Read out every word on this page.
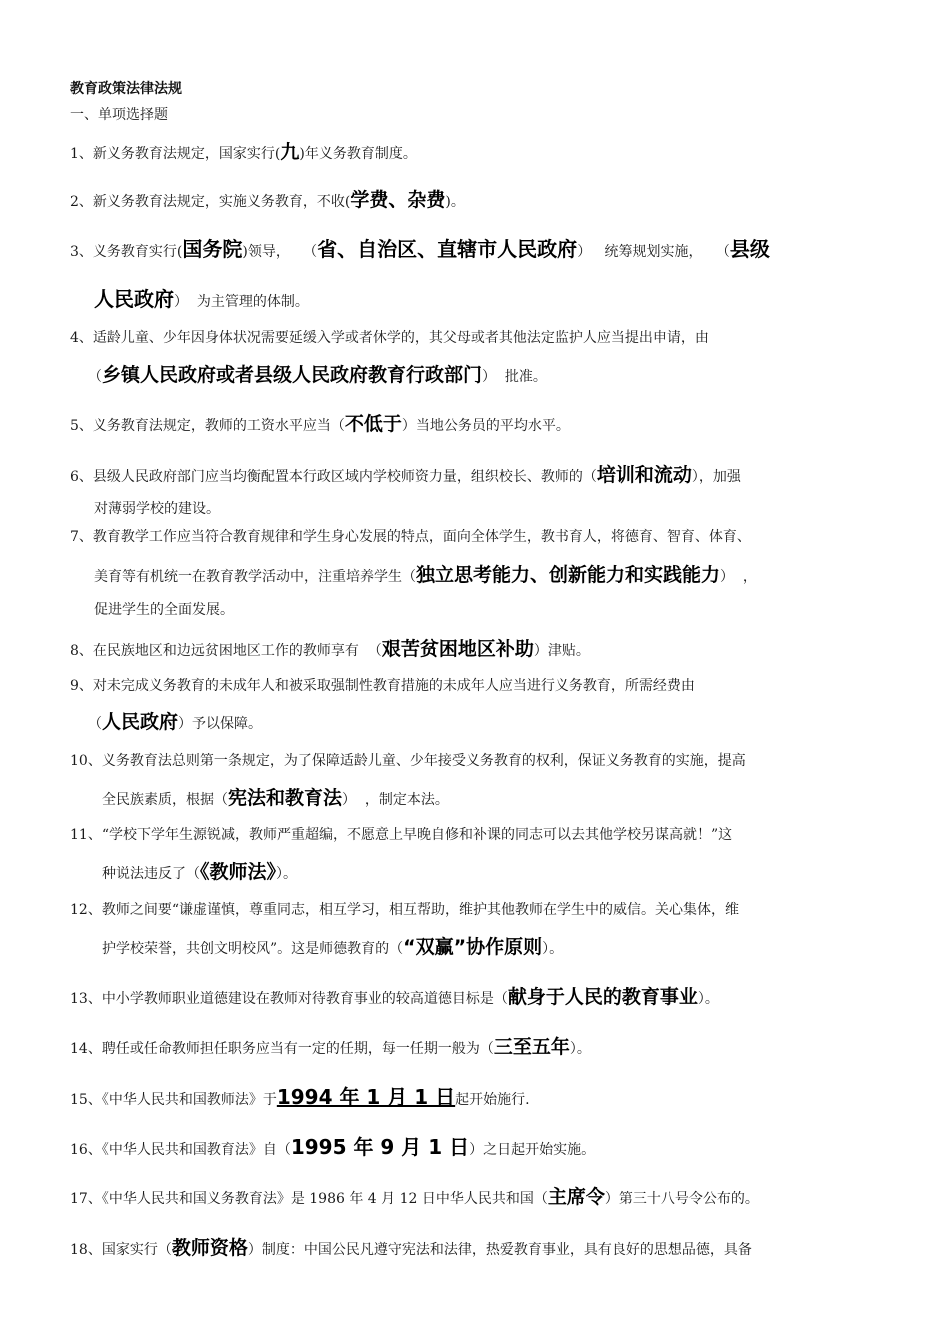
教育政策法律法规
一、单项选择题
1、新义务教育法规定，国家实行(九)年义务教育制度。
2、新义务教育法规定，实施义务教育，不收(学费、杂费)。
3、义务教育实行(国务院)领导，   （省、自治区、直辖市人民政府）   统筹规划实施，   （县级
人民政府）  为主管理的体制。
4、适龄儿童、少年因身体状况需要延缓入学或者休学的，其父母或者其他法定监护人应当提出申请，由
（乡镇人民政府或者县级人民政府教育行政部门）  批准。
5、义务教育法规定，教师的工资水平应当（不低于）当地公务员的平均水平。
6、县级人民政府部门应当均衡配置本行政区域内学校师资力量，组织校长、教师的（培训和流动），加强
对薄弱学校的建设。
7、教育教学工作应当符合教育规律和学生身心发展的特点，面向全体学生，教书育人，将德育、智育、体育、
美育等有机统一在教育教学活动中，注重培养学生（独立思考能力、创新能力和实践能力）  ，
促进学生的全面发展。
8、在民族地区和边远贫困地区工作的教师享有  （艰苦贫困地区补助）津贴。
9、对未完成义务教育的未成年人和被采取强制性教育措施的未成年人应当进行义务教育，所需经费由
（人民政府）予以保障。
10、义务教育法总则第一条规定，为了保障适龄儿童、少年接受义务教育的权利，保证义务教育的实施，提高
全民族素质，根据（宪法和教育法）  ，制定本法。
11、“学校下学年生源锐减，教师严重超编，不愿意上早晚自修和补课的同志可以去其他学校另谋高就！”这
种说法违反了（《教师法》）。
12、教师之间要“谦虚谨慎，尊重同志，相互学习，相互帮助，维护其他教师在学生中的威信。关心集体，维
护学校荣誉，共创文明校风”。这是师德教育的（“双赢”协作原则）。
13、中小学教师职业道德建设在教师对待教育事业的较高道德目标是（献身于人民的教育事业）。
14、聘任或任命教师担任职务应当有一定的任期，每一任期一般为（三至五年）。
15、《中华人民共和国教师法》于1994 年 1 月 1 日起开始施行.
16、《中华人民共和国教育法》自（1995 年 9 月 1 日）之日起开始实施。
17、《中华人民共和国义务教育法》是 1986 年 4 月 12 日中华人民共和国（主席令）第三十八号令公布的。
18、国家实行（教师资格）制度：中国公民凡遵守宪法和法律，热爱教育事业，具有良好的思想品德，具备
